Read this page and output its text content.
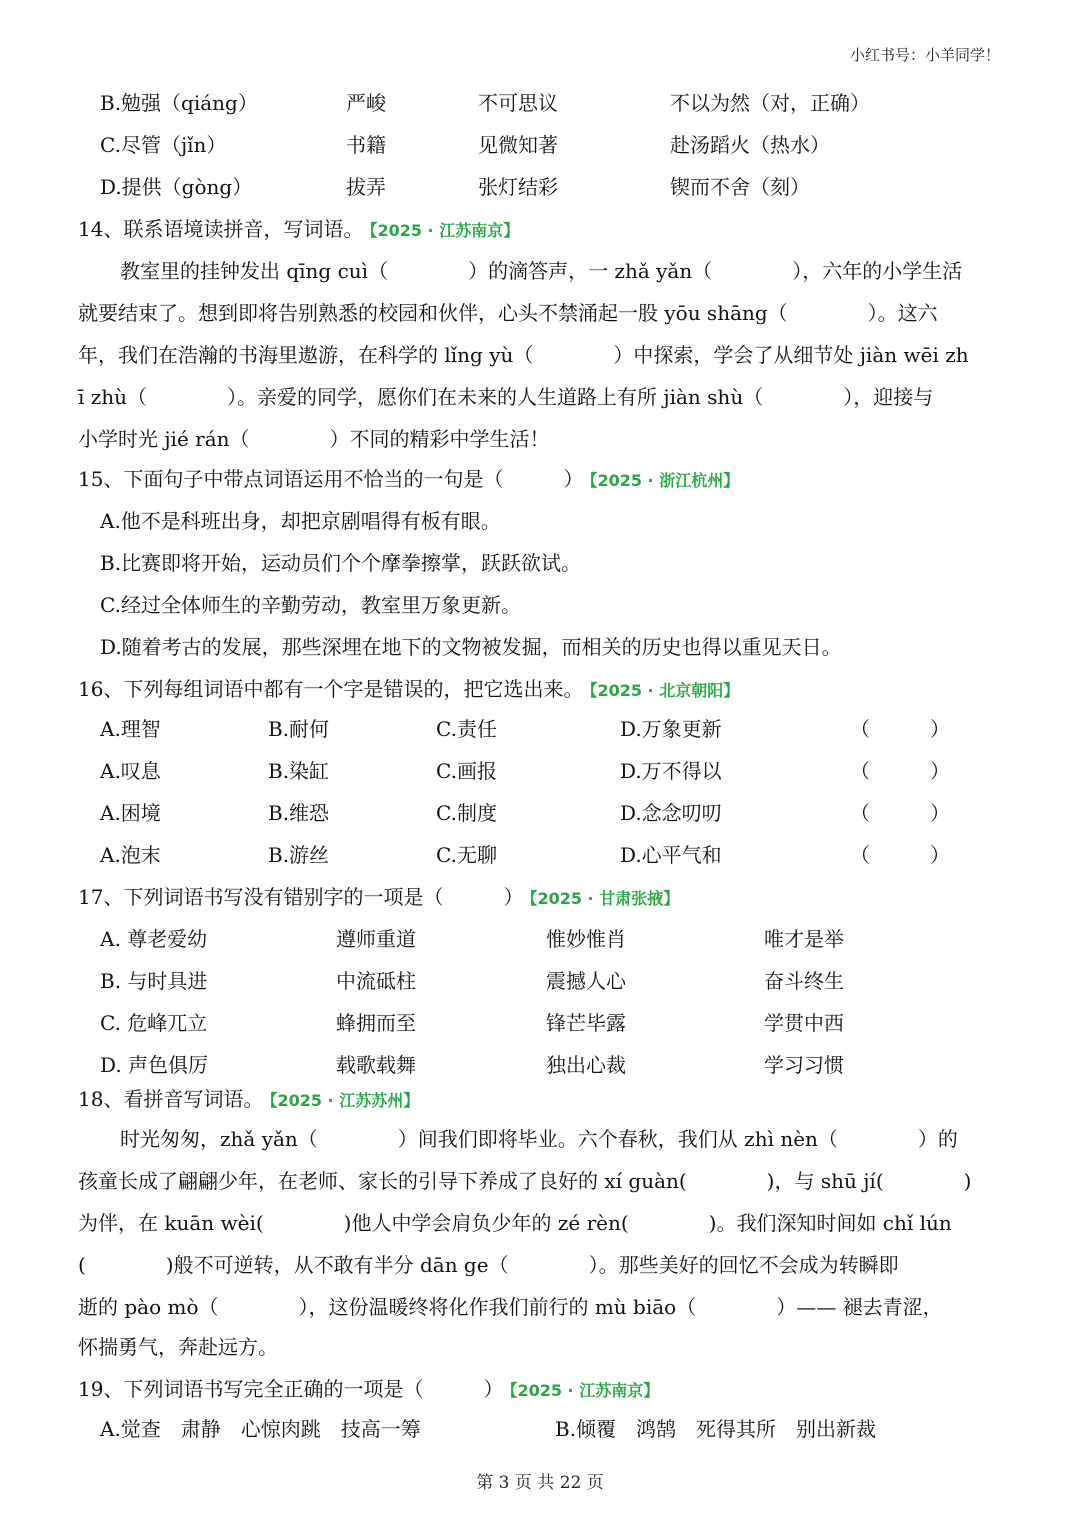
小红书号：小羊同学！
B.勉强（qiáng）	严峻	不可思议	不以为然（对，正确）
C.尽管（jǐn）	书籍	见微知著	赴汤蹈火（热水）
D.提供（gòng）	拔弄	张灯结彩	锲而不舍（刻）
14、联系语境读拼音，写词语。 【2025 · 江苏南京】
教室里的挂钟发出 qīng cuì（　　　　）的滴答声，一 zhǎ yǎn（　　　　），六年的小学生活
就要结束了。想到即将告别熟悉的校园和伙伴，心头不禁涌起一股 yōu shāng（　　　　）。这六
年，我们在浩瀚的书海里遨游，在科学的 lǐng yù（　　　　）中探索，学会了从细节处 jiàn wēi zh
ī zhù（　　　　）。亲爱的同学，愿你们在未来的人生道路上有所 jiàn shù（　　　　），迎接与
小学时光 jié rán（　　　　）不同的精彩中学生活！
15、下面句子中带点词语运用不恰当的一句是（　　　） 【2025 · 浙江杭州】
A.他不是科班出身，却把京剧唱得有板有眼。
B.比赛即将开始，运动员们个个摩拳擦掌，跃跃欲试。
C.经过全体师生的辛勤劳动，教室里万象更新。
D.随着考古的发展，那些深埋在地下的文物被发掘，而相关的历史也得以重见天日。
16、下列每组词语中都有一个字是错误的，把它选出来。 【2025 · 北京朝阳】
A.理智	B.耐何	C.责任	D.万象更新	（　　　）
A.叹息	B.染缸	C.画报	D.万不得以	（　　　）
A.困境	B.维恐	C.制度	D.念念叨叨	（　　　）
A.泡末	B.游丝	C.无聊	D.心平气和	（　　　）
17、下列词语书写没有错别字的一项是（　　　） 【2025 · 甘肃张掖】
A. 尊老爱幼	遵师重道	惟妙惟肖	唯才是举
B. 与时具进	中流砥柱	震撼人心	奋斗终生
C. 危峰兀立	蜂拥而至	锋芒毕露	学贯中西
D. 声色俱厉	载歌载舞	独出心裁	学习习惯
18、看拼音写词语。 【2025 · 江苏苏州】
时光匆匆，zhǎ yǎn（　　　　）间我们即将毕业。六个春秋，我们从 zhì nèn（　　　　）的
孩童长成了翩翩少年，在老师、家长的引导下养成了良好的 xí guàn(　　　　)，与 shū jí(　　　　)
为伴，在 kuān wèi(　　　　)他人中学会肩负少年的 zé rèn(　　　　)。我们深知时间如 chǐ lún
(　　　　)般不可逆转，从不敢有半分 dān ge（　　　　）。那些美好的回忆不会成为转瞬即
逝的 pào mò（　　　　），这份温暖终将化作我们前行的 mù biāo（　　　　）—— 褪去青涩，
怀揣勇气，奔赴远方。
19、下列词语书写完全正确的一项是（　　　） 【2025 · 江苏南京】
A.觉查　肃静　心惊肉跳　技高一筹	B.倾覆　鸿鹄　死得其所　别出新裁
第 3 页 共 22 页
